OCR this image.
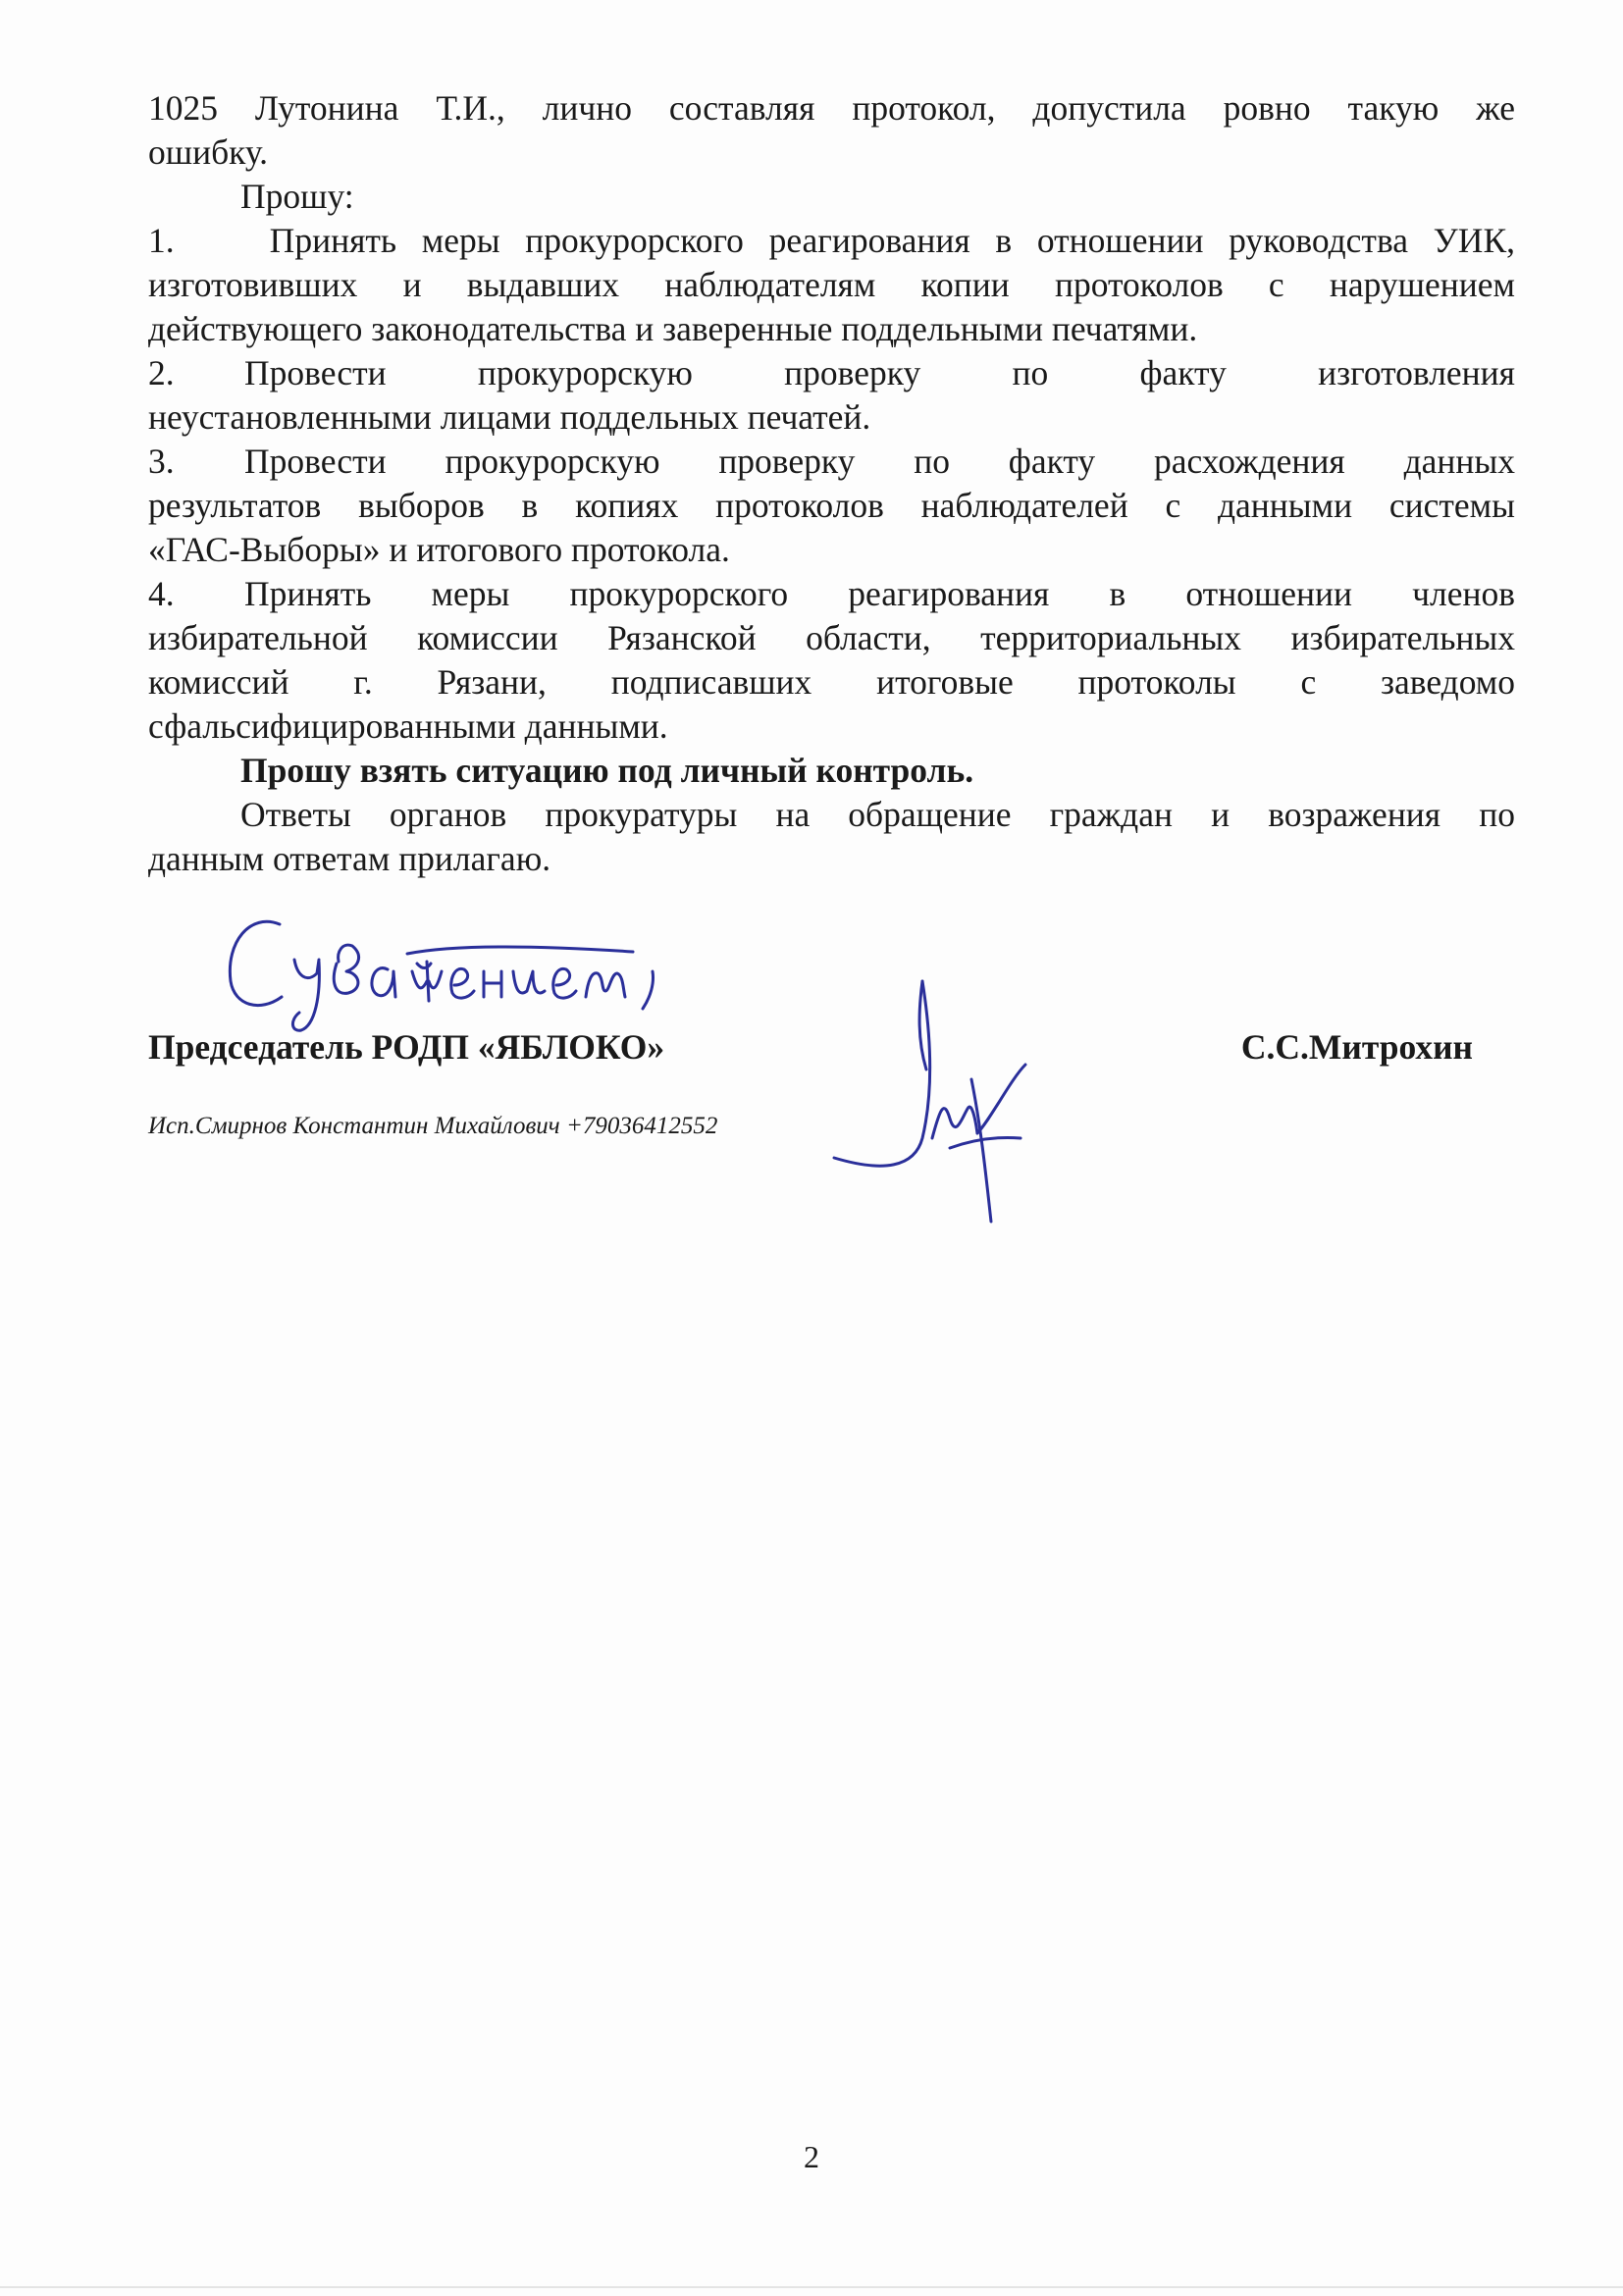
1025 Лутонина Т.И., лично составляя протокол, допустила ровно такую же

ошибку.

Прошу:

1.	Принять меры прокурорского реагирования в отношении руководства УИК,

изготовивших и выдавших наблюдателям копии протоколов с нарушением

действующего законодательства и заверенные поддельными печатями.

2.	Провести прокурорскую проверку по факту изготовления

неустановленными лицами поддельных печатей.

3.	Провести прокурорскую проверку по факту расхождения данных

результатов выборов в копиях протоколов наблюдателей с данными системы

«ГАС-Выборы» и итогового протокола.

4.	Принять меры прокурорского реагирования в отношении членов

избирательной комиссии Рязанской области, территориальных избирательных

комиссий г. Рязани, подписавших итоговые протоколы с заведомо

сфальсифицированными данными.

Прошу взять ситуацию под личный контроль.

Ответы органов прокуратуры на обращение граждан и возражения по

данным ответам прилагаю.

Председатель РОДП «ЯБЛОКО»	С.С.Митрохин
Исп.Смирнов Константин Михайлович +79036412552
2
